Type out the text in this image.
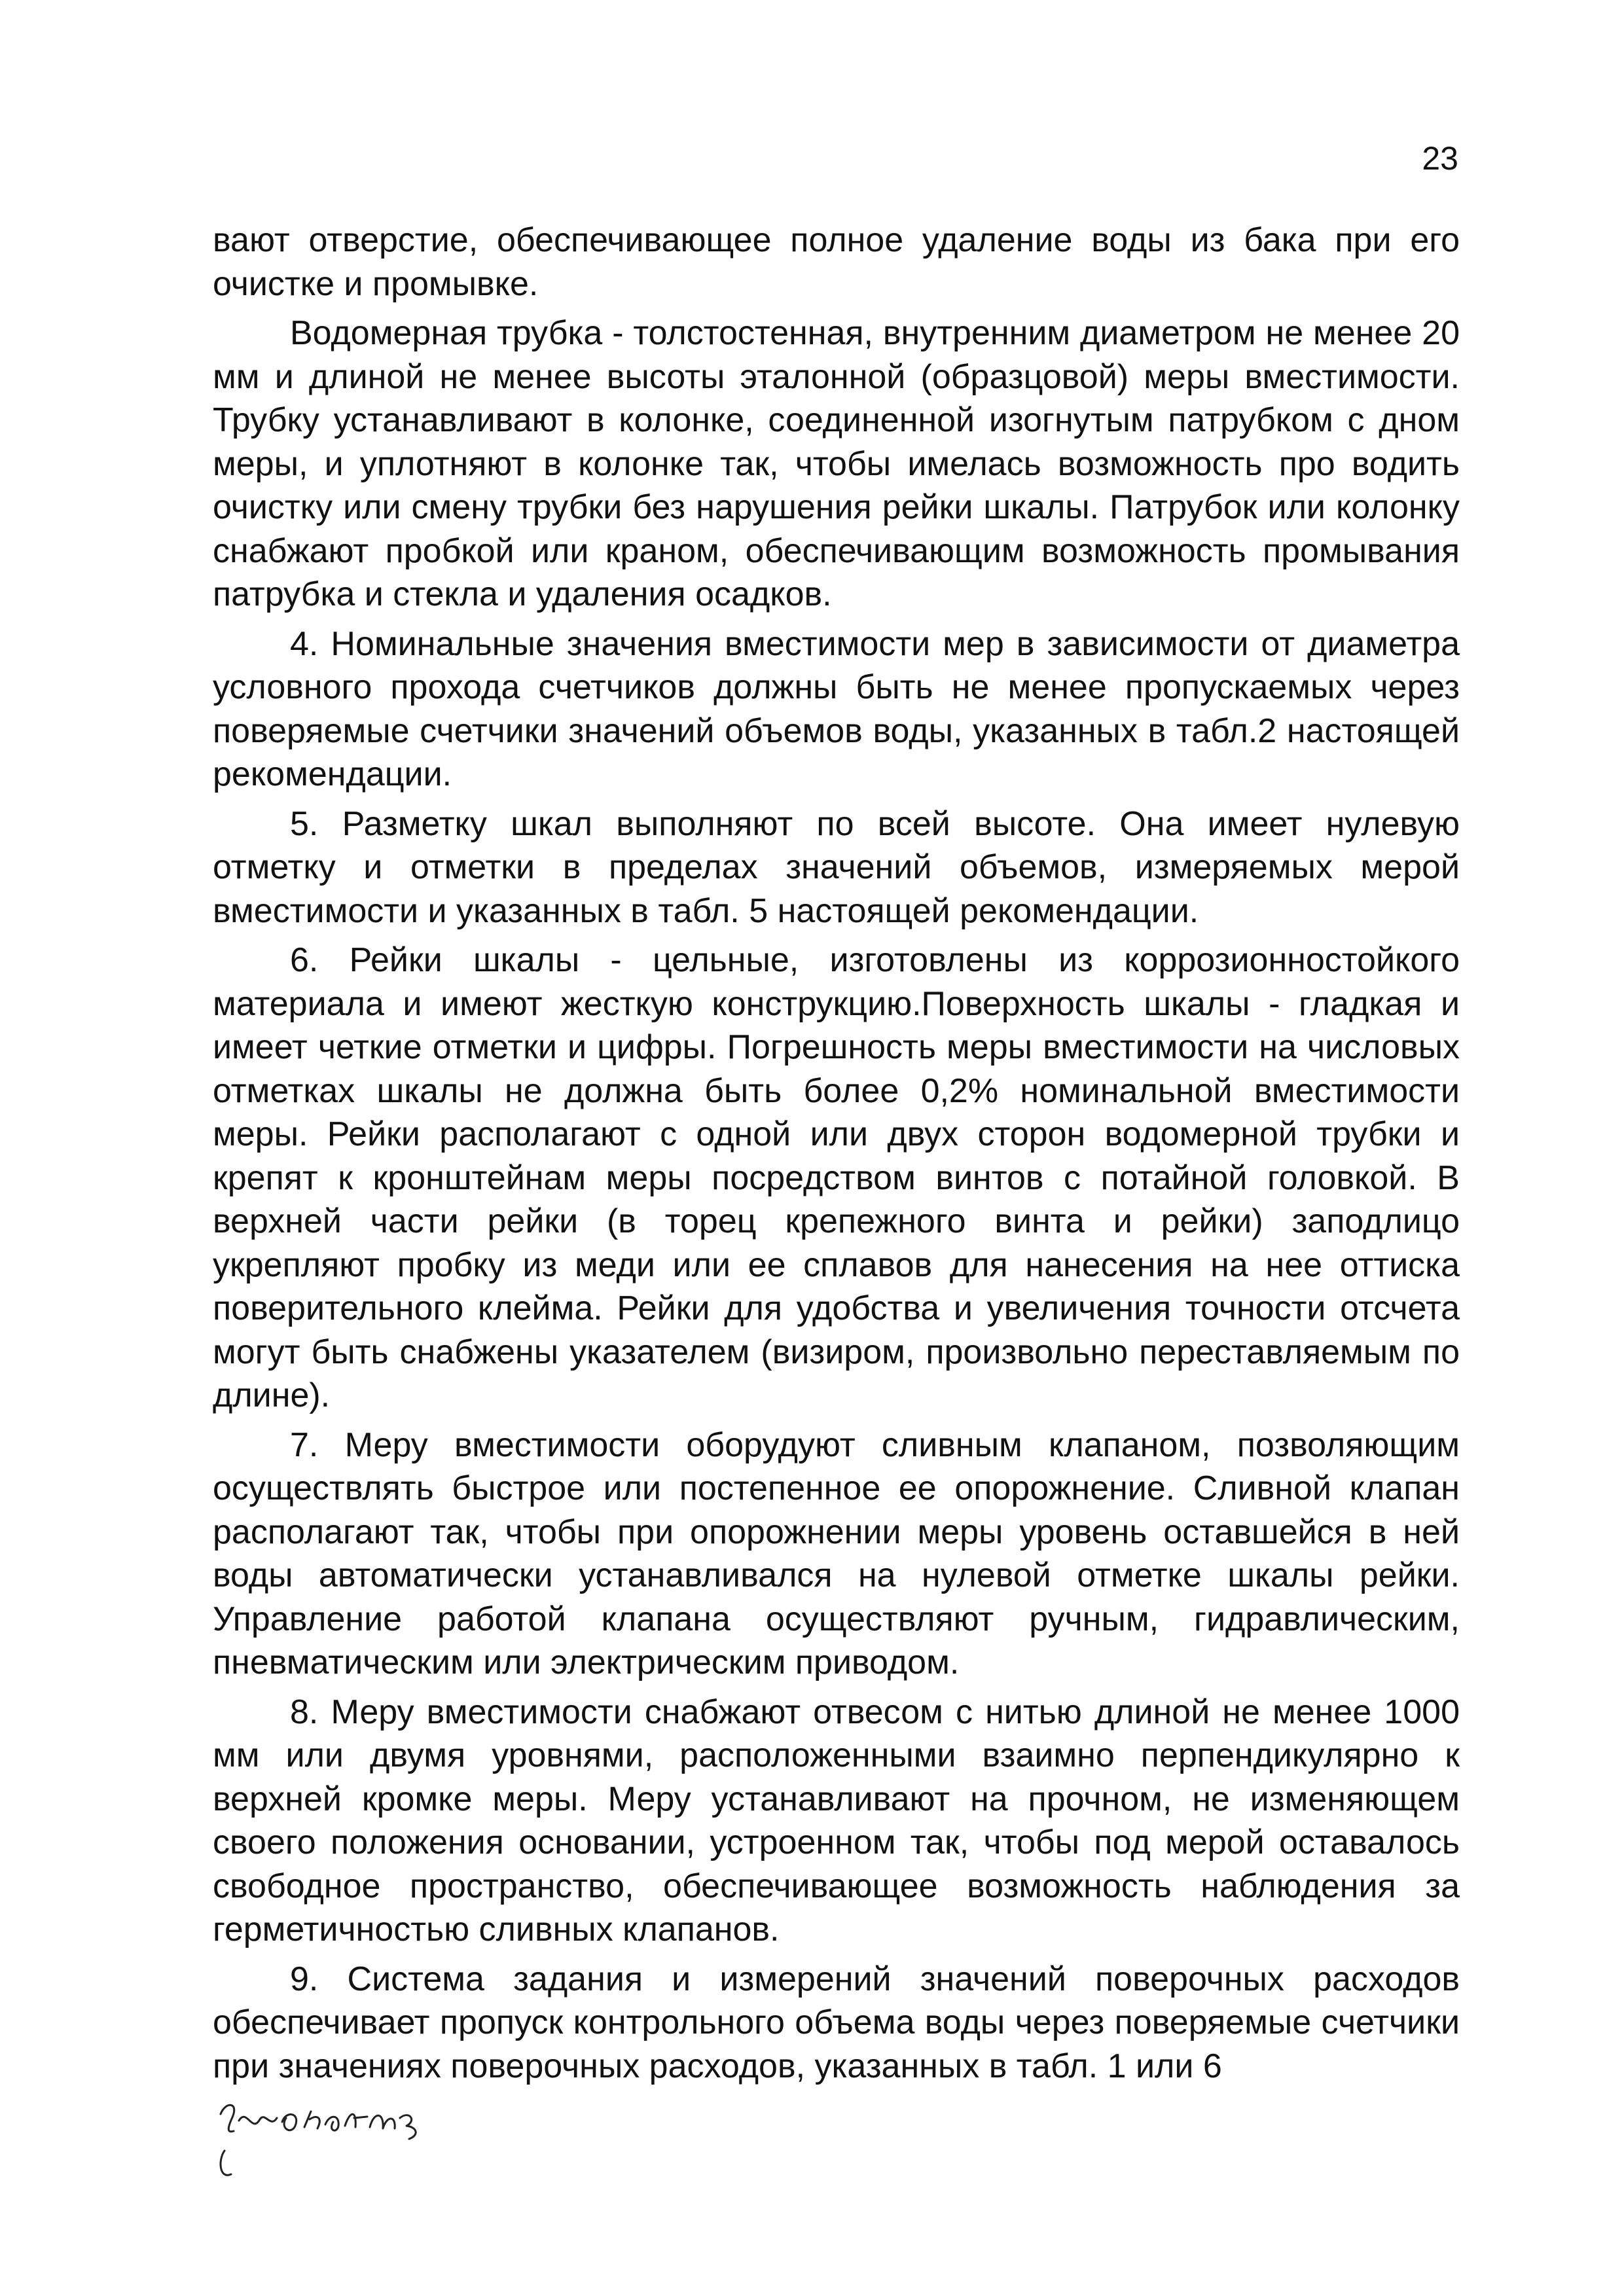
23

вают отверстие, обеспечивающее полное удаление воды из бака при его очистке и промывке.

Водомерная трубка - толстостенная, внутренним диаметром не менее 20 мм и длиной не менее высоты эталонной (образцовой) меры вместимости. Трубку устанавливают в колонке, соединенной изогнутым патрубком с дном меры, и уплотняют в колонке так, чтобы имелась возможность про водить очистку или смену трубки без нарушения рейки шкалы. Патрубок или колонку снабжают пробкой или краном, обеспечивающим возможность промывания патрубка и стекла и удаления осадков.

4. Номинальные значения вместимости мер в зависимости от диаметра условного прохода счетчиков должны быть не менее пропускаемых через поверяемые счетчики значений объемов воды, указанных в табл.2 настоящей рекомендации.

5. Разметку шкал выполняют по всей высоте. Она имеет нулевую отметку и отметки в пределах значений объемов, измеряемых мерой вместимости и указанных в табл. 5 настоящей рекомендации.

6. Рейки шкалы - цельные, изготовлены из коррозионностойкого материала и имеют жесткую конструкцию.Поверхность шкалы - гладкая и имеет четкие отметки и цифры. Погрешность меры вместимости на числовых отметках шкалы не должна быть более 0,2% номинальной вместимости меры. Рейки располагают с одной или двух сторон водомерной трубки и крепят к кронштейнам меры посредством винтов с потайной головкой. В верхней части рейки (в торец крепежного винта и рейки) заподлицо укрепляют пробку из меди или ее сплавов для нанесения на нее оттиска поверительного клейма. Рейки для удобства и увеличения точности отсчета могут быть снабжены указателем (визиром, произвольно переставляемым по длине).

7. Меру вместимости оборудуют сливным клапаном, позволяющим осуществлять быстрое или постепенное ее опорожнение. Сливной клапан располагают так, чтобы при опорожнении меры уровень оставшейся в ней воды автоматически устанавливался на нулевой отметке шкалы рейки. Управление работой клапана осуществляют ручным, гидравлическим, пневматическим или электрическим приводом.

8. Меру вместимости снабжают отвесом с нитью длиной не менее 1000 мм или двумя уровнями, расположенными взаимно перпендикулярно к верхней кромке меры. Меру устанавливают на прочном, не изменяющем своего положения основании, устроенном так, чтобы под мерой оставалось свободное пространство, обеспечивающее возможность наблюдения за герметичностью сливных клапанов.

9. Система задания и измерений значений поверочных расходов обеспечивает пропуск контрольного объема воды через поверяемые счетчики при значениях поверочных расходов, указанных в табл. 1 или 6
